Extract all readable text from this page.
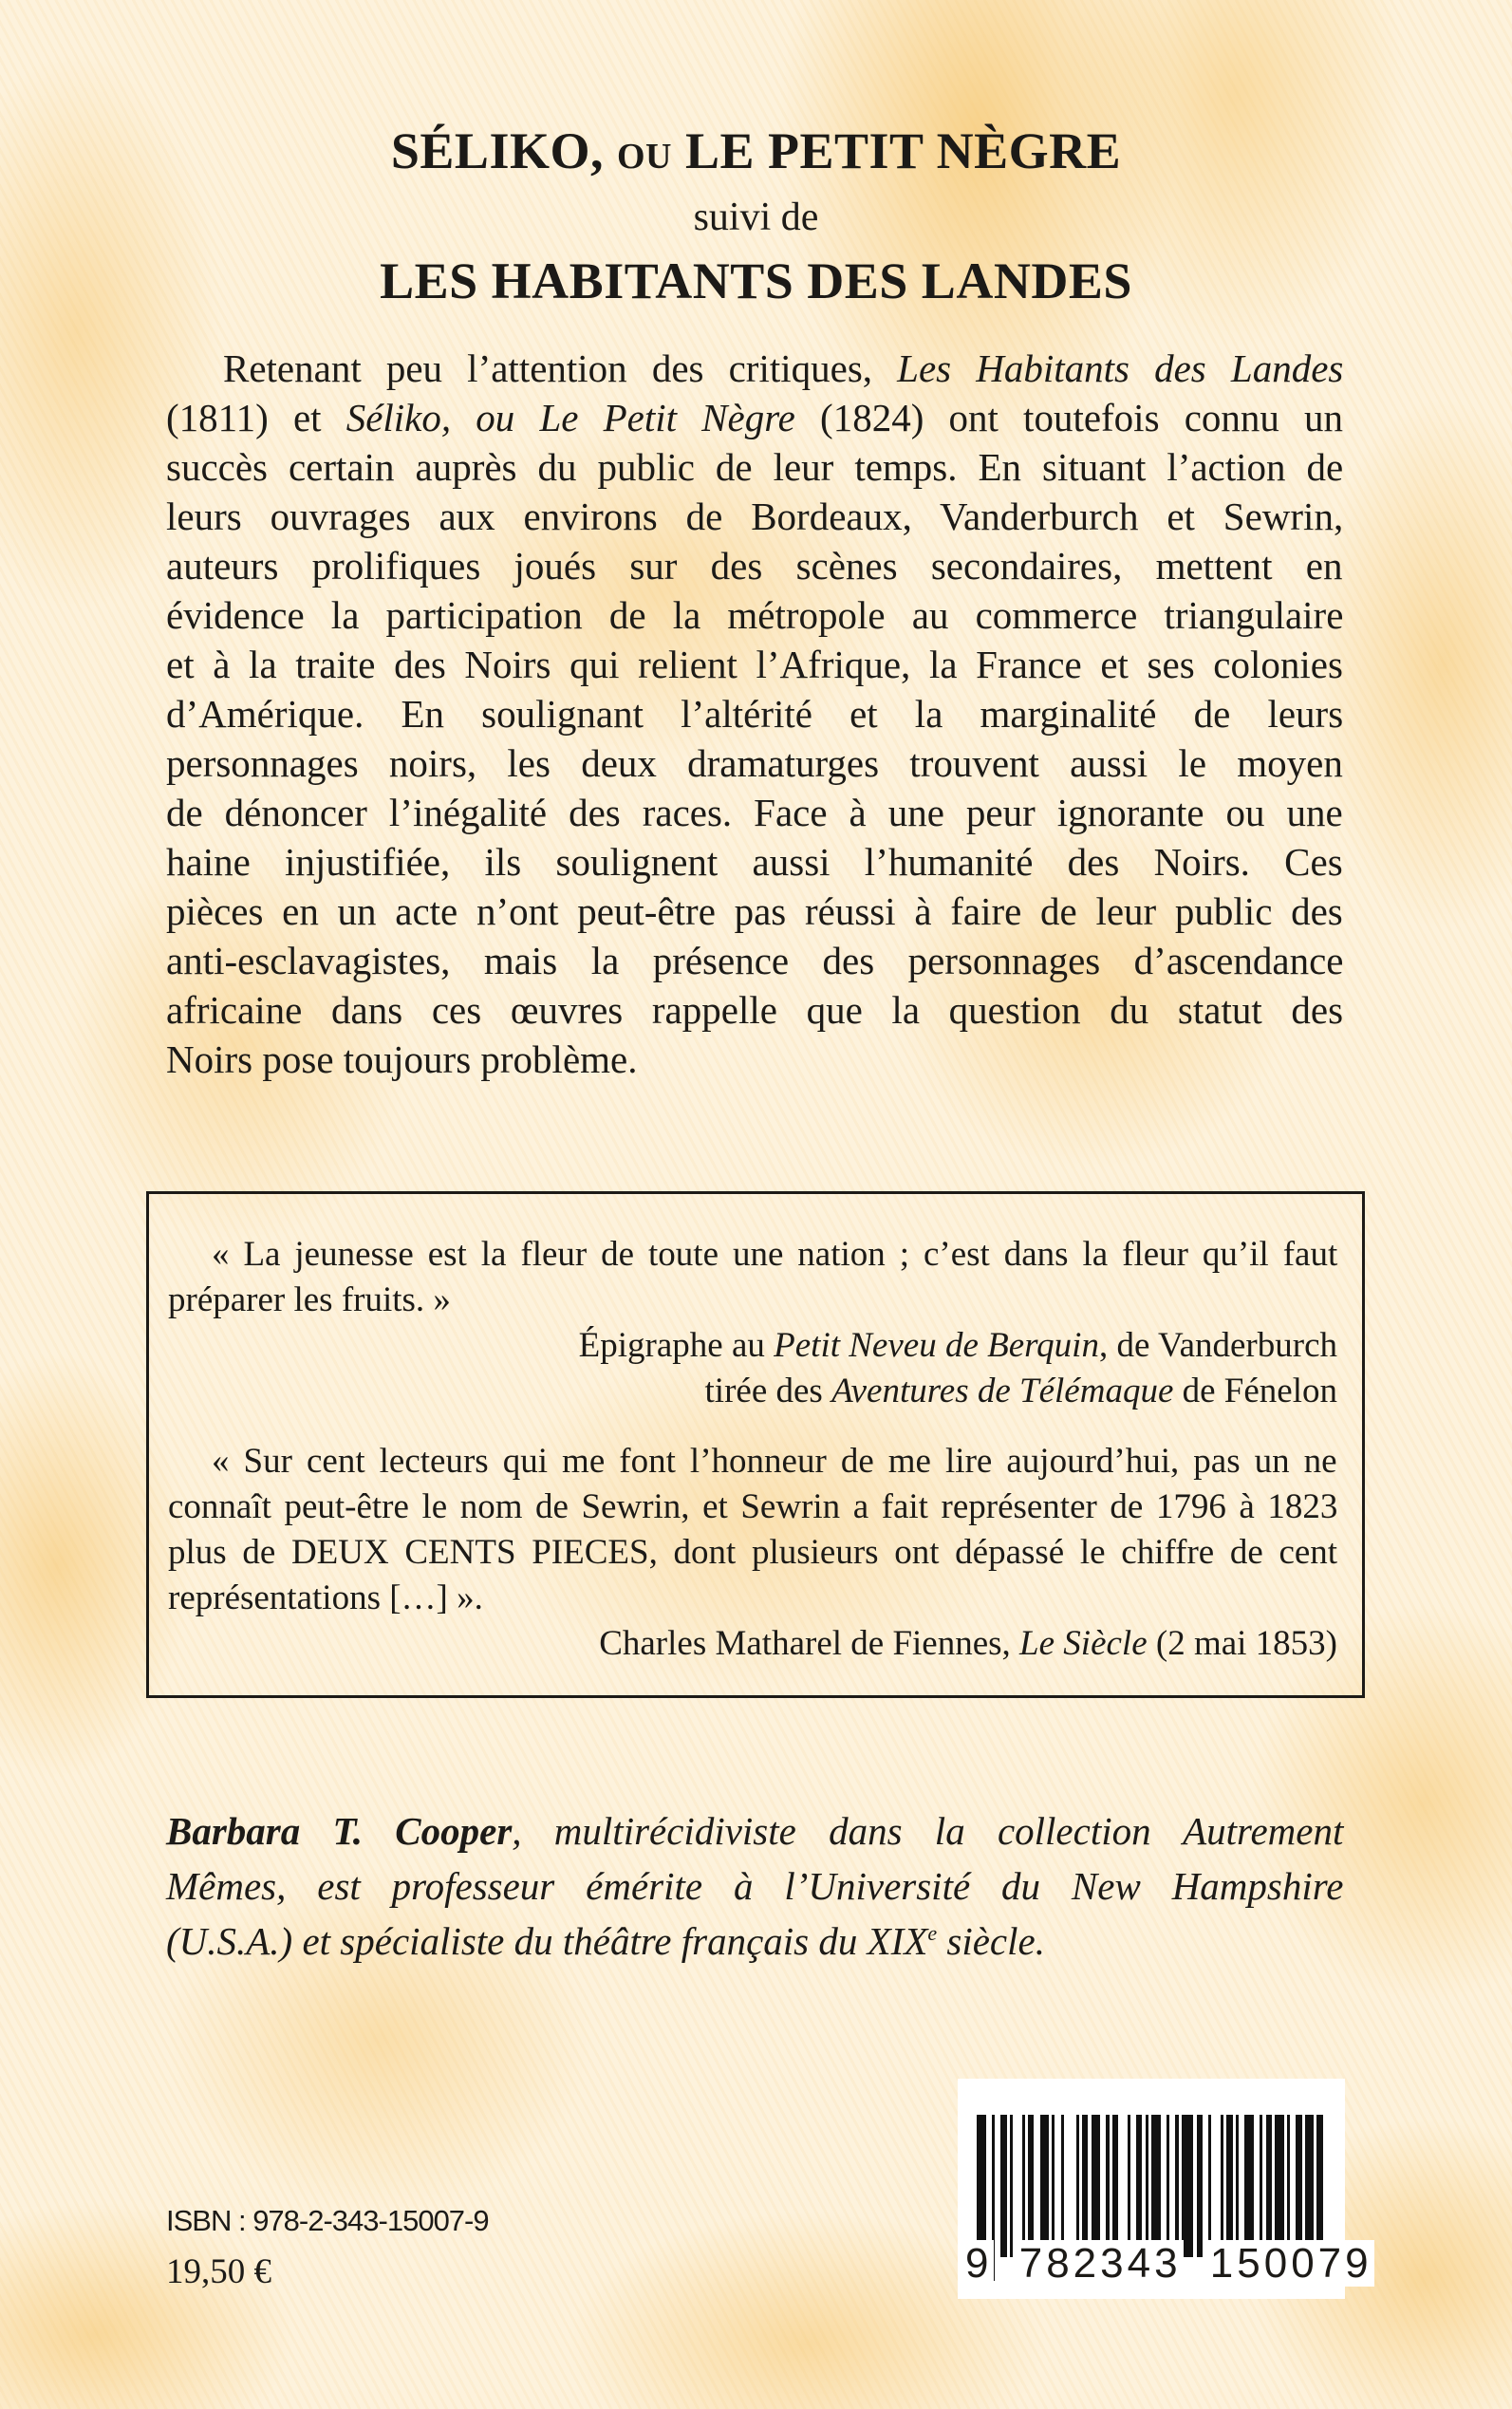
SÉLIKO, OU LE PETIT NÈGRE
suivi de
LES HABITANTS DES LANDES
Retenant peu l’attention des critiques, Les Habitants des Landes
(1811) et Séliko, ou Le Petit Nègre (1824) ont toutefois connu un
succès certain auprès du public de leur temps. En situant l’action de
leurs ouvrages aux environs de Bordeaux, Vanderburch et Sewrin,
auteurs prolifiques joués sur des scènes secondaires, mettent en
évidence la participation de la métropole au commerce triangulaire
et à la traite des Noirs qui relient l’Afrique, la France et ses colonies
d’Amérique. En soulignant l’altérité et la marginalité de leurs
personnages noirs, les deux dramaturges trouvent aussi le moyen
de dénoncer l’inégalité des races. Face à une peur ignorante ou une
haine injustifiée, ils soulignent aussi l’humanité des Noirs. Ces
pièces en un acte n’ont peut-être pas réussi à faire de leur public des
anti-esclavagistes, mais la présence des personnages d’ascendance
africaine dans ces œuvres rappelle que la question du statut des
Noirs pose toujours problème.
« La jeunesse est la fleur de toute une nation ; c’est dans la fleur qu’il faut
préparer les fruits. »
Épigraphe au Petit Neveu de Berquin, de Vanderburch
tirée des Aventures de Télémaque de Fénelon
« Sur cent lecteurs qui me font l’honneur de me lire aujourd’hui, pas un ne
connaît peut-être le nom de Sewrin, et Sewrin a fait représenter de 1796 à 1823
plus de DEUX CENTS PIECES, dont plusieurs ont dépassé le chiffre de cent
représentations […] ».
Charles Matharel de Fiennes, Le Siècle (2 mai 1853)
Barbara T. Cooper, multirécidiviste dans la collection Autrement
Mêmes, est professeur émérite à l’Université du New Hampshire
(U.S.A.) et spécialiste du théâtre français du XIXe siècle.
ISBN : 978-2-343-15007-9
19,50 €	9 782343 150079
